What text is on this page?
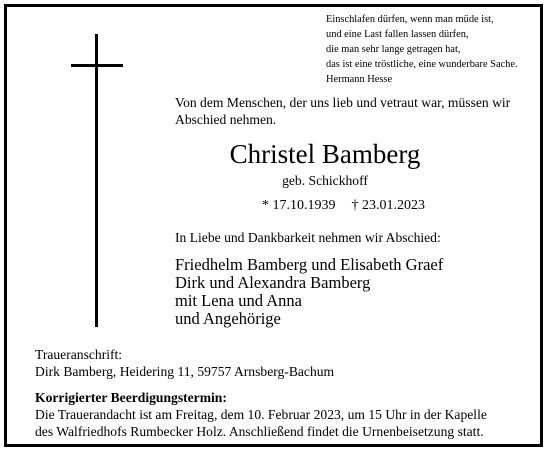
Einschlafen dürfen, wenn man müde ist,
und eine Last fallen lassen dürfen,
die man sehr lange getragen hat,
das ist eine tröstliche, eine wunderbare Sache.
Hermann Hesse
Von dem Menschen, der uns lieb und vetraut war, müssen wir
Abschied nehmen.
Christel Bamberg
geb. Schickhoff
* 17.10.1939 † 23.01.2023
In Liebe und Dankbarkeit nehmen wir Abschied:
Friedhelm Bamberg und Elisabeth Graef
Dirk und Alexandra Bamberg
mit Lena und Anna
und Angehörige
Traueranschrift:
Dirk Bamberg, Heidering 11, 59757 Arnsberg-Bachum
Korrigierter Beerdigungstermin:
Die Trauerandacht ist am Freitag, dem 10. Februar 2023, um 15 Uhr in der Kapelle
des Walfriedhofs Rumbecker Holz. Anschließend findet die Urnenbeisetzung statt.
